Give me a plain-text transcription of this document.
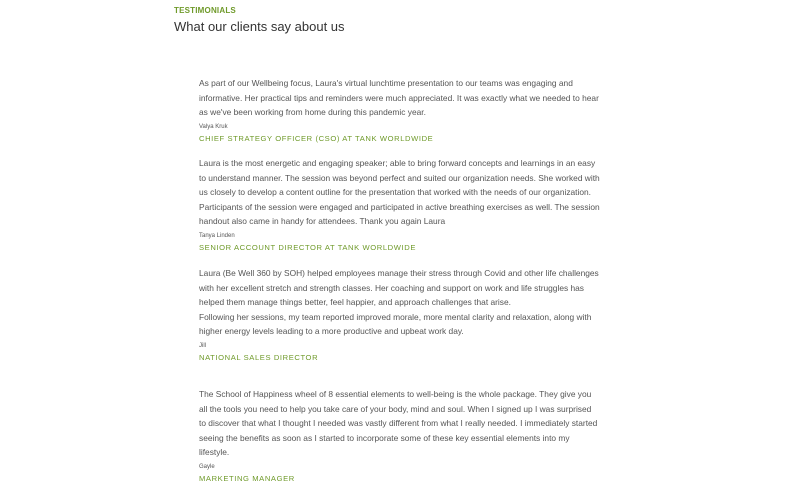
TESTIMONIALS
What our clients say about us

As part of our Wellbeing focus, Laura's virtual lunchtime presentation to our teams was engaging and
informative. Her practical tips and reminders were much appreciated. It was exactly what we needed to hear
as we've been working from home during this pandemic year.

Valya Kruk
CHIEF STRATEGY OFFICER (CSO) AT TANK WORLDWIDE

Laura is the most energetic and engaging speaker; able to bring forward concepts and learnings in an easy
to understand manner. The session was beyond perfect and suited our organization needs. She worked with
us closely to develop a content outline for the presentation that worked with the needs of our organization.
Participants of the session were engaged and participated in active breathing exercises as well. The session
handout also came in handy for attendees. Thank you again Laura

Tanya Linden
SENIOR ACCOUNT DIRECTOR AT TANK WORLDWIDE

Laura (Be Well 360 by SOH) helped employees manage their stress through Covid and other life challenges
with her excellent stretch and strength classes. Her coaching and support on work and life struggles has
helped them manage things better, feel happier, and approach challenges that arise.
Following her sessions, my team reported improved morale, more mental clarity and relaxation, along with
higher energy levels leading to a more productive and upbeat work day.

Jill
NATIONAL SALES DIRECTOR

The School of Happiness wheel of 8 essential elements to well-being is the whole package. They give you
all the tools you need to help you take care of your body, mind and soul. When I signed up I was surprised
to discover that what I thought I needed was vastly different from what I really needed. I immediately started
seeing the benefits as soon as I started to incorporate some of these key essential elements into my
lifestyle.

Gayle
MARKETING MANAGER
